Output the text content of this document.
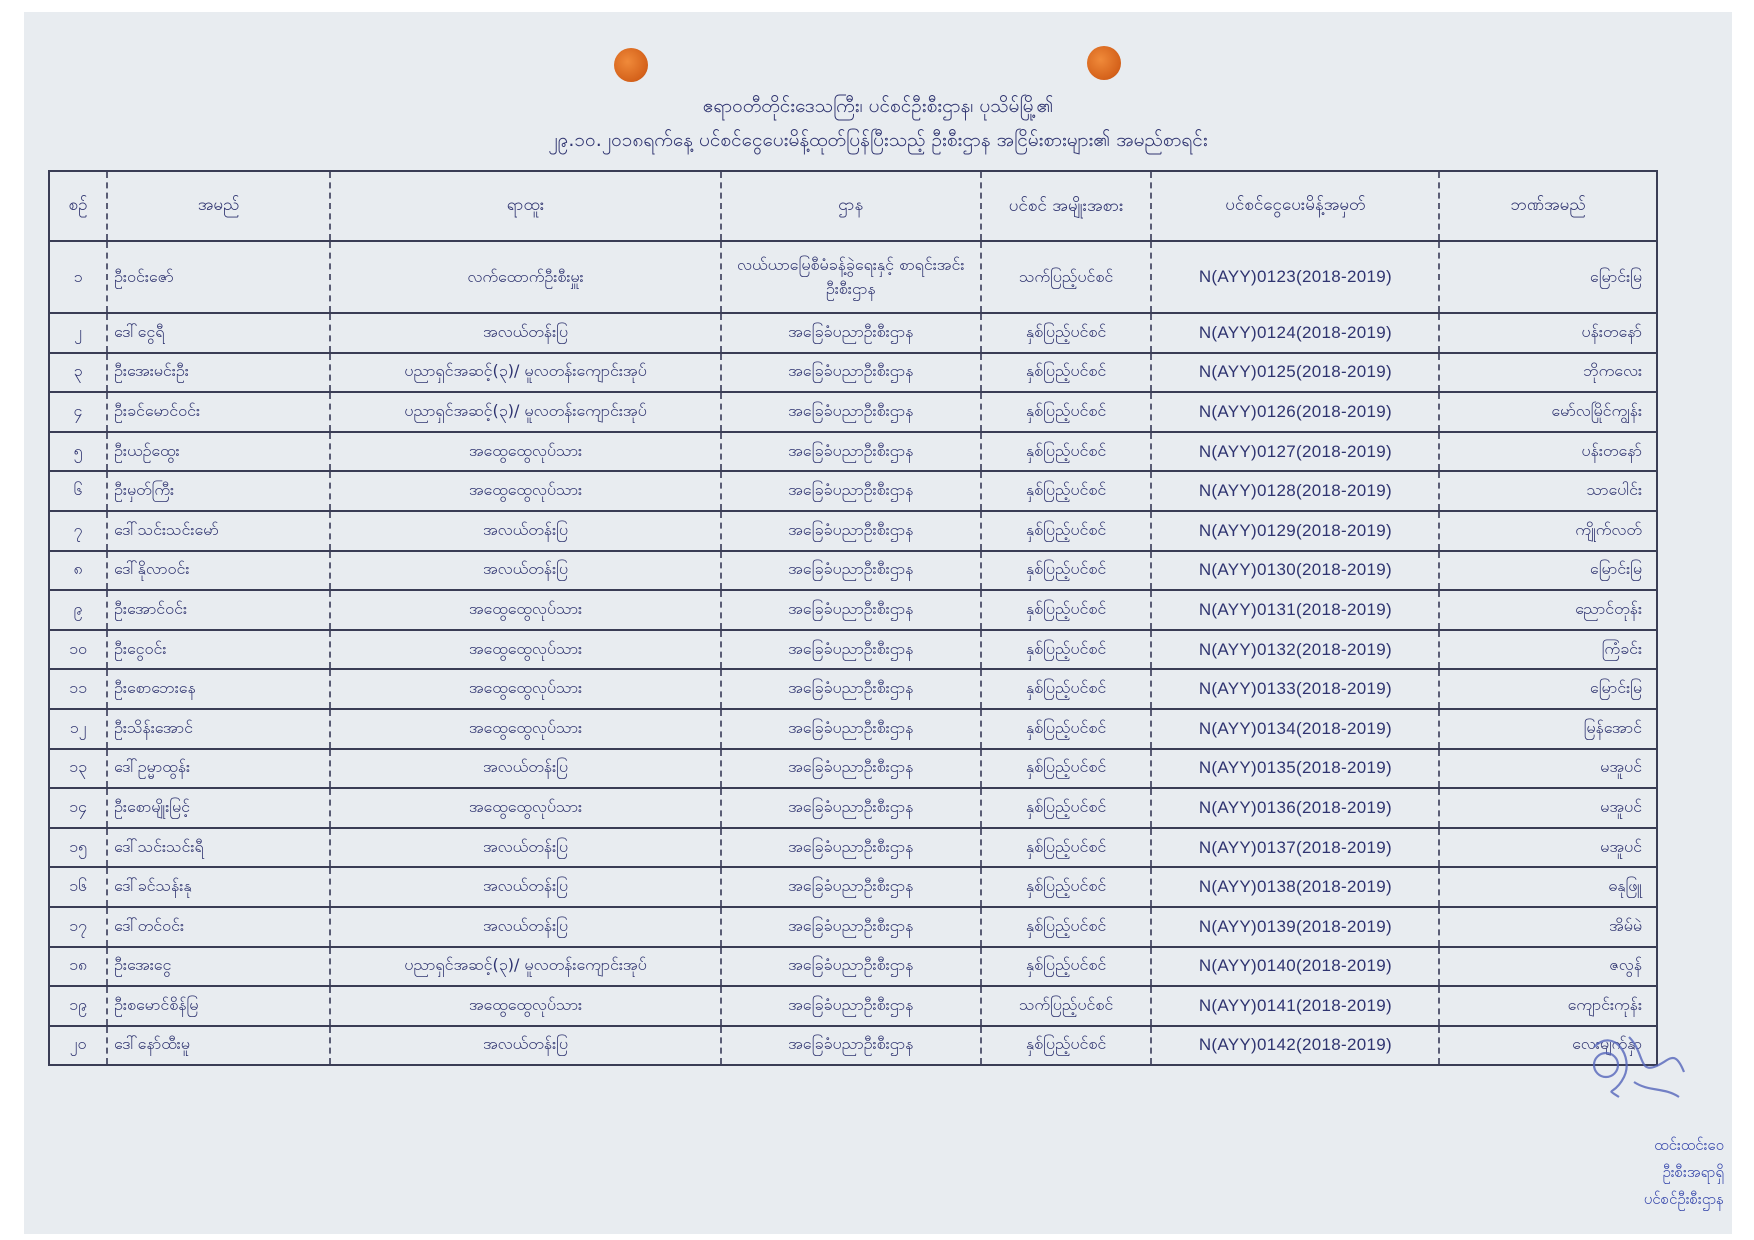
ဧရာဝတီတိုင်းဒေသကြီး၊ ပင်စင်ဦးစီးဌာန၊ ပုသိမ်မြို့၏
၂၉.၁၀.၂၀၁၈ရက်နေ့ ပင်စင်ငွေပေးမိန့်ထုတ်ပြန်ပြီးသည့် ဦးစီးဌာန အငြိမ်းစားများ၏ အမည်စာရင်း
စဉ်	အမည်	ရာထူး	ဌာန	ပင်စင် အမျိုးအစား	ပင်စင်ငွေပေးမိန့်အမှတ်	ဘဏ်အမည်
၁	ဦးဝင်းဇော်	လက်ထောက်ဦးစီးမှူး	လယ်ယာမြေစီမံခန့်ခွဲရေးနှင့် စာရင်းအင်းဦးစီးဌာန	သက်ပြည့်ပင်စင်	N(AYY)0123(2018-2019)	မြောင်းမြ
၂	ဒေါ်ငွေရီ	အလယ်တန်းပြ	အခြေခံပညာဦးစီးဌာန	နှစ်ပြည့်ပင်စင်	N(AYY)0124(2018-2019)	ပန်းတနော်
၃	ဦးအေးမင်းဦး	ပညာရှင်အဆင့်(၃)/ မူလတန်းကျောင်းအုပ်	အခြေခံပညာဦးစီးဌာန	နှစ်ပြည့်ပင်စင်	N(AYY)0125(2018-2019)	ဘိုကလေး
၄	ဦးခင်မောင်ဝင်း	ပညာရှင်အဆင့်(၃)/ မူလတန်းကျောင်းအုပ်	အခြေခံပညာဦးစီးဌာန	နှစ်ပြည့်ပင်စင်	N(AYY)0126(2018-2019)	မော်လမြိုင်ကျွန်း
၅	ဦးယဥ်ထွေး	အထွေထွေလုပ်သား	အခြေခံပညာဦးစီးဌာန	နှစ်ပြည့်ပင်စင်	N(AYY)0127(2018-2019)	ပန်းတနော်
၆	ဦးမှတ်ကြီး	အထွေထွေလုပ်သား	အခြေခံပညာဦးစီးဌာန	နှစ်ပြည့်ပင်စင်	N(AYY)0128(2018-2019)	သာပေါင်း
၇	ဒေါ်သင်းသင်းမော်	အလယ်တန်းပြ	အခြေခံပညာဦးစီးဌာန	နှစ်ပြည့်ပင်စင်	N(AYY)0129(2018-2019)	ကျိုက်လတ်
၈	ဒေါ်နိုလာဝင်း	အလယ်တန်းပြ	အခြေခံပညာဦးစီးဌာန	နှစ်ပြည့်ပင်စင်	N(AYY)0130(2018-2019)	မြောင်းမြ
၉	ဦးအောင်ဝင်း	အထွေထွေလုပ်သား	အခြေခံပညာဦးစီးဌာန	နှစ်ပြည့်ပင်စင်	N(AYY)0131(2018-2019)	ညောင်တုန်း
၁၀	ဦးငွေဝင်း	အထွေထွေလုပ်သား	အခြေခံပညာဦးစီးဌာန	နှစ်ပြည့်ပင်စင်	N(AYY)0132(2018-2019)	ကြံခင်း
၁၁	ဦးစောဘေးနေ	အထွေထွေလုပ်သား	အခြေခံပညာဦးစီးဌာန	နှစ်ပြည့်ပင်စင်	N(AYY)0133(2018-2019)	မြောင်းမြ
၁၂	ဦးသိန်းအောင်	အထွေထွေလုပ်သား	အခြေခံပညာဦးစီးဌာန	နှစ်ပြည့်ပင်စင်	N(AYY)0134(2018-2019)	မြန်အောင်
၁၃	ဒေါ်ဥမ္မာထွန်း	အလယ်တန်းပြ	အခြေခံပညာဦးစီးဌာန	နှစ်ပြည့်ပင်စင်	N(AYY)0135(2018-2019)	မအူပင်
၁၄	ဦးစောမျိုးမြင့်	အထွေထွေလုပ်သား	အခြေခံပညာဦးစီးဌာန	နှစ်ပြည့်ပင်စင်	N(AYY)0136(2018-2019)	မအူပင်
၁၅	ဒေါ်သင်းသင်းရီ	အလယ်တန်းပြ	အခြေခံပညာဦးစီးဌာန	နှစ်ပြည့်ပင်စင်	N(AYY)0137(2018-2019)	မအူပင်
၁၆	ဒေါ်ခင်သန်းနု	အလယ်တန်းပြ	အခြေခံပညာဦးစီးဌာန	နှစ်ပြည့်ပင်စင်	N(AYY)0138(2018-2019)	ဓနုဖြူ
၁၇	ဒေါ်တင်ဝင်း	အလယ်တန်းပြ	အခြေခံပညာဦးစီးဌာန	နှစ်ပြည့်ပင်စင်	N(AYY)0139(2018-2019)	အိမ်မဲ
၁၈	ဦးအေးငွေ	ပညာရှင်အဆင့်(၃)/ မူလတန်းကျောင်းအုပ်	အခြေခံပညာဦးစီးဌာန	နှစ်ပြည့်ပင်စင်	N(AYY)0140(2018-2019)	ဇလွန်
၁၉	ဦးစမောင်စိန်မြ	အထွေထွေလုပ်သား	အခြေခံပညာဦးစီးဌာန	သက်ပြည့်ပင်စင်	N(AYY)0141(2018-2019)	ကျောင်းကုန်း
၂၀	ဒေါ်နော်ထီးမူ	အလယ်တန်းပြ	အခြေခံပညာဦးစီးဌာန	နှစ်ပြည့်ပင်စင်	N(AYY)0142(2018-2019)	လေးမျက်နှာ
ထင်းထင်းဝေ
ဦးစီးအရာရှိ
ပင်စင်ဦးစီးဌာန
